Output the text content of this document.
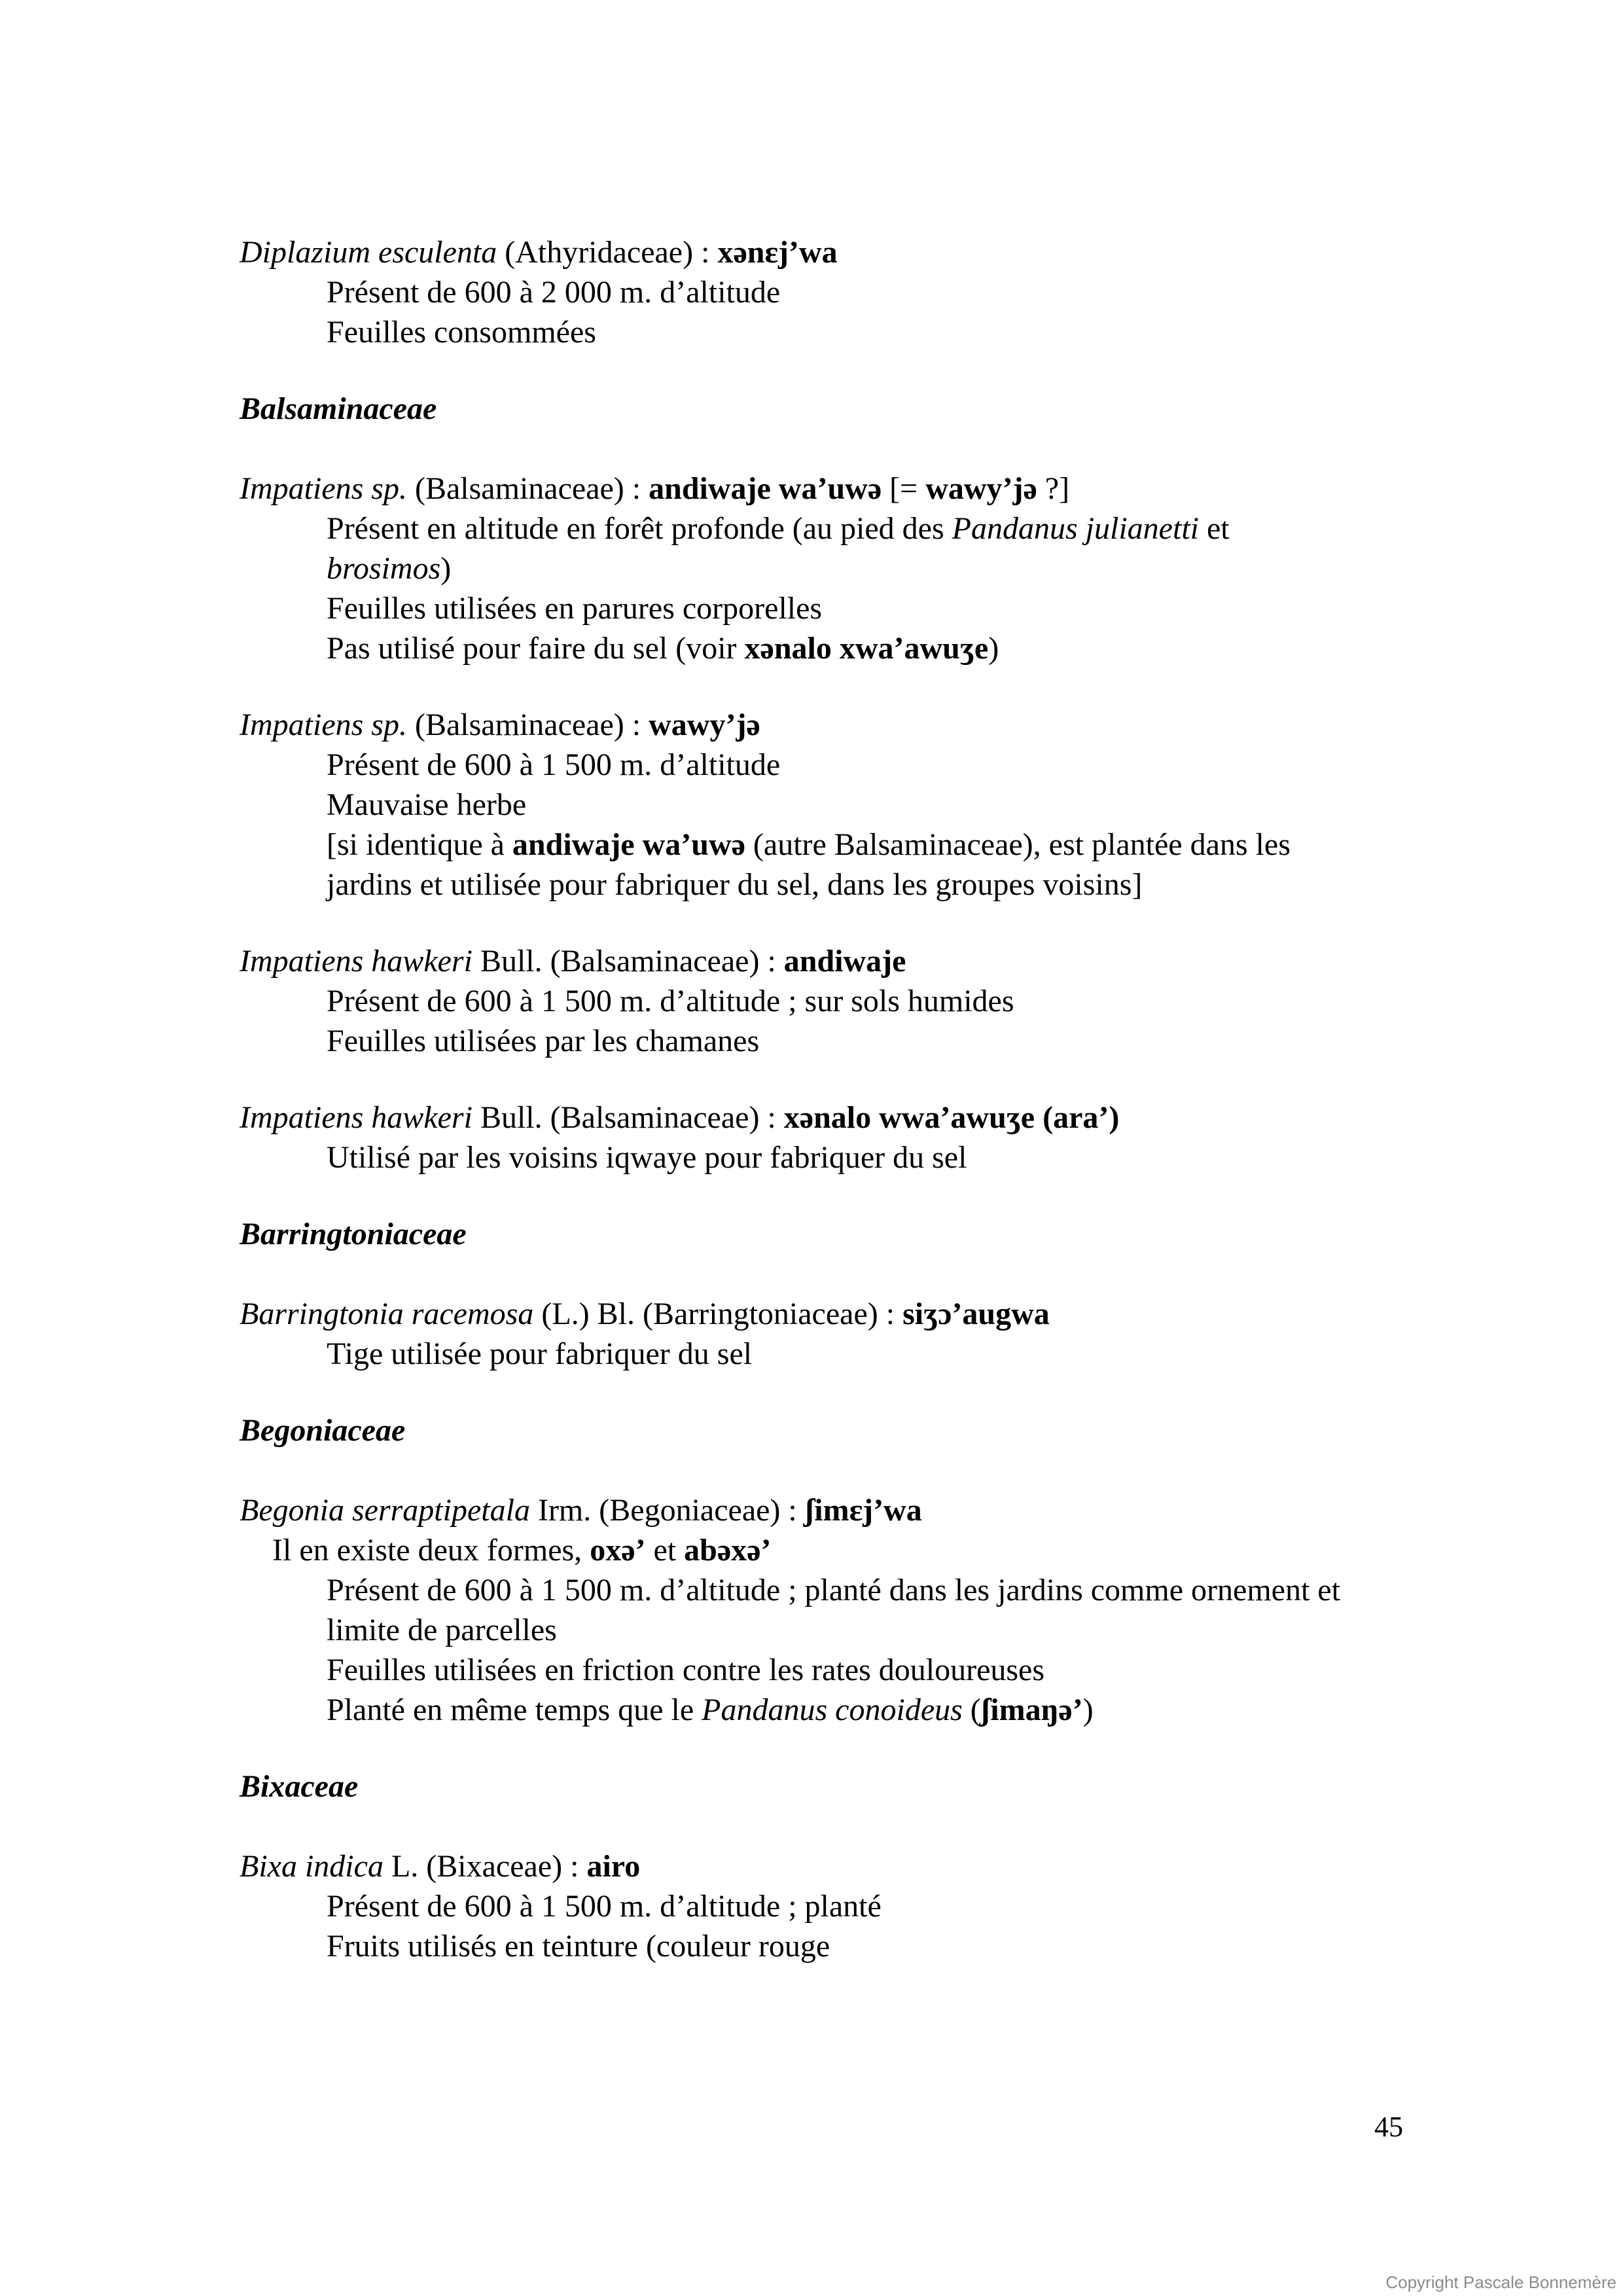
Diplazium esculenta (Athyridaceae) : xənɛj’wa
Présent de 600 à 2 000 m. d’altitude
Feuilles consommées
Balsaminaceae
Impatiens sp. (Balsaminaceae) : andiwaje wa’uwə [= wawy’jə ?]
Présent en altitude en forêt profonde (au pied des Pandanus julianetti et
brosimos)
Feuilles utilisées en parures corporelles
Pas utilisé pour faire du sel (voir xənalo xwa’awuʒe)
Impatiens sp. (Balsaminaceae) : wawy’jə
Présent de 600 à 1 500 m. d’altitude
Mauvaise herbe
[si identique à andiwaje wa’uwə (autre Balsaminaceae), est plantée dans les
jardins et utilisée pour fabriquer du sel, dans les groupes voisins]
Impatiens hawkeri Bull. (Balsaminaceae) : andiwaje
Présent de 600 à 1 500 m. d’altitude ; sur sols humides
Feuilles utilisées par les chamanes
Impatiens hawkeri Bull. (Balsaminaceae) : xənalo wwa’awuʒe (ara’)
Utilisé par les voisins iqwaye pour fabriquer du sel
Barringtoniaceae
Barringtonia racemosa (L.) Bl. (Barringtoniaceae) : siʒɔ’augwa
Tige utilisée pour fabriquer du sel
Begoniaceae
Begonia serraptipetala Irm. (Begoniaceae) : ʃimɛj’wa
Il en existe deux formes, oxə’ et abəxə’
Présent de 600 à 1 500 m. d’altitude ; planté dans les jardins comme ornement et
limite de parcelles
Feuilles utilisées en friction contre les rates douloureuses
Planté en même temps que le Pandanus conoideus (ʃimaŋə’)
Bixaceae
Bixa indica L. (Bixaceae) : airo
Présent de 600 à 1 500 m. d’altitude ; planté
Fruits utilisés en teinture (couleur rouge
45
Copyright Pascale Bonnemère
